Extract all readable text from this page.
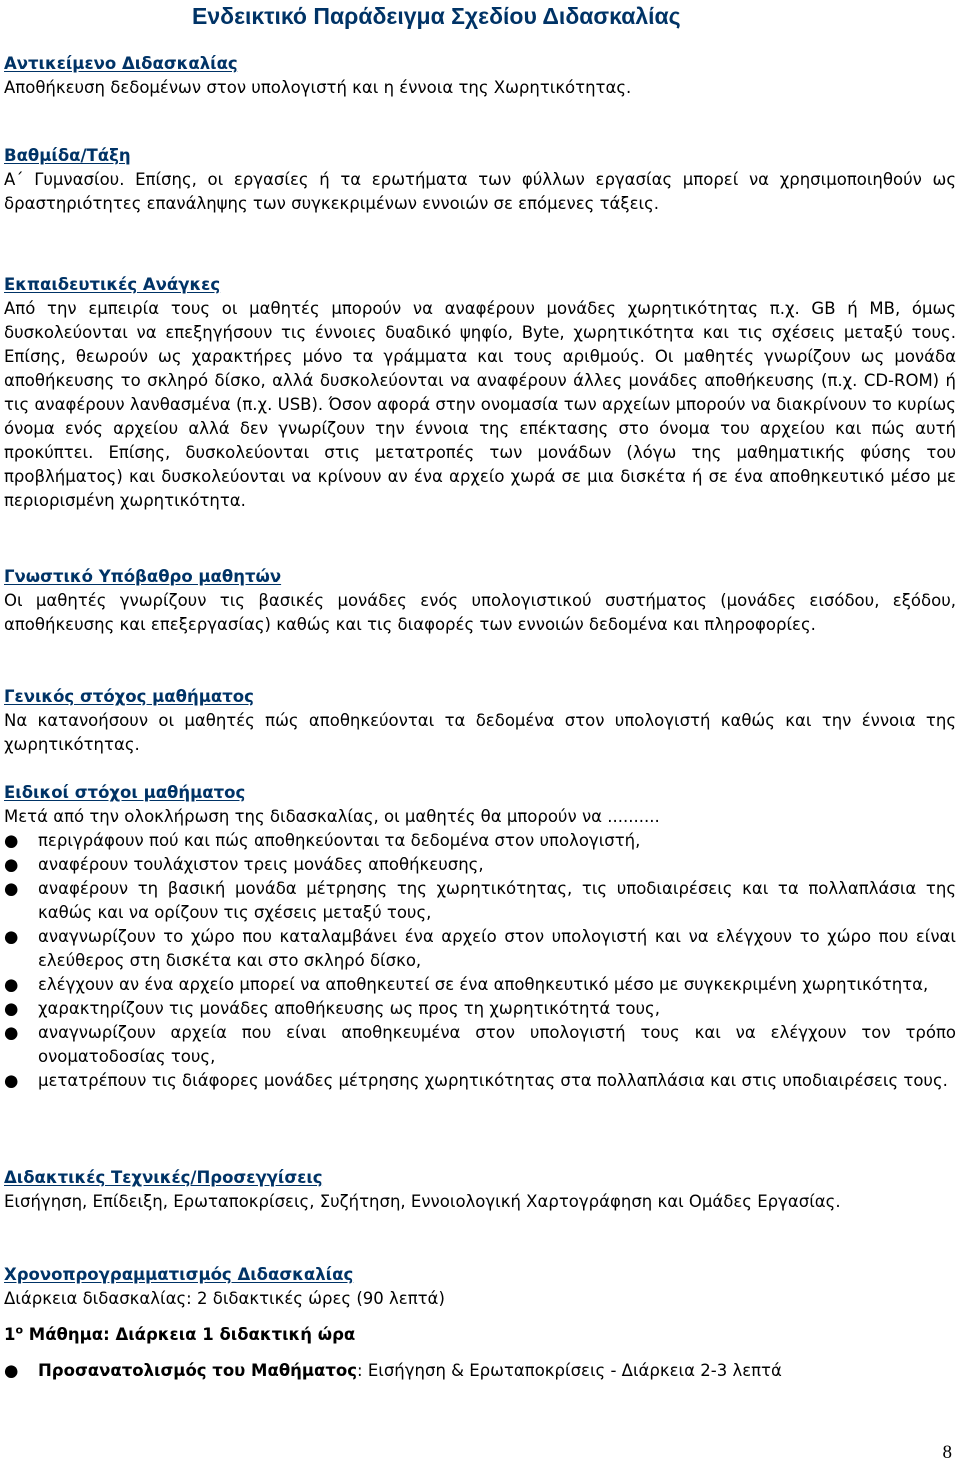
Ενδεικτικό Παράδειγμα Σχεδίου Διδασκαλίας
Αντικείμενο Διδασκαλίας

Αποθήκευση δεδομένων στον υπολογιστή και η έννοια της Χωρητικότητας.

Βαθμίδα/Τάξη

Α΄ Γυμνασίου. Επίσης, οι εργασίες ή τα ερωτήματα των φύλλων εργασίας μπορεί να χρησιμοποιηθούν ως δραστηριότητες επανάληψης των συγκεκριμένων εννοιών σε επόμενες τάξεις.

Εκπαιδευτικές Ανάγκες

Από την εμπειρία τους οι μαθητές μπορούν να αναφέρουν μονάδες χωρητικότητας π.χ. GB ή MB, όμως δυσκολεύονται να επεξηγήσουν τις έννοιες δυαδικό ψηφίο, Byte, χωρητικότητα και τις σχέσεις μεταξύ τους. Επίσης, θεωρούν ως χαρακτήρες μόνο τα γράμματα και τους αριθμούς. Οι μαθητές γνωρίζουν ως μονάδα αποθήκευσης το σκληρό δίσκο, αλλά δυσκολεύονται να αναφέρουν άλλες μονάδες αποθήκευσης (π.χ. CD-ROM) ή τις αναφέρουν λανθασμένα (π.χ. USB). Όσον αφορά στην ονομασία των αρχείων μπορούν να διακρίνουν το κυρίως όνομα ενός αρχείου αλλά δεν γνωρίζουν την έννοια της επέκτασης στο όνομα του αρχείου και πώς αυτή προκύπτει. Επίσης, δυσκολεύονται στις μετατροπές των μονάδων (λόγω της μαθηματικής φύσης του προβλήματος) και δυσκολεύονται να κρίνουν αν ένα αρχείο χωρά σε μια δισκέτα ή σε ένα αποθηκευτικό μέσο με περιορισμένη χωρητικότητα.

Γνωστικό Υπόβαθρο μαθητών

Οι μαθητές γνωρίζουν τις βασικές μονάδες ενός υπολογιστικού συστήματος (μονάδες εισόδου, εξόδου, αποθήκευσης και επεξεργασίας) καθώς και τις διαφορές των εννοιών δεδομένα και πληροφορίες.

Γενικός στόχος μαθήματος

Να κατανοήσουν οι μαθητές πώς αποθηκεύονται τα δεδομένα στον υπολογιστή καθώς και την έννοια της χωρητικότητας.

Ειδικοί στόχοι μαθήματος

Μετά από την ολοκλήρωση της διδασκαλίας, οι μαθητές θα μπορούν να ..........

● περιγράφουν πού και πώς αποθηκεύονται τα δεδομένα στον υπολογιστή,
● αναφέρουν τουλάχιστον τρεις μονάδες αποθήκευσης,
● αναφέρουν τη βασική μονάδα μέτρησης της χωρητικότητας, τις υποδιαιρέσεις και τα πολλαπλάσια της καθώς και να ορίζουν τις σχέσεις μεταξύ τους,
● αναγνωρίζουν το χώρο που καταλαμβάνει ένα αρχείο στον υπολογιστή και να ελέγχουν το χώρο που είναι ελεύθερος στη δισκέτα και στο σκληρό δίσκο,
● ελέγχουν αν ένα αρχείο μπορεί να αποθηκευτεί σε ένα αποθηκευτικό μέσο με συγκεκριμένη χωρητικότητα,
● χαρακτηρίζουν τις μονάδες αποθήκευσης ως προς τη χωρητικότητά τους,
● αναγνωρίζουν αρχεία που είναι αποθηκευμένα στον υπολογιστή τους και να ελέγχουν τον τρόπο ονοματοδοσίας τους,
● μετατρέπουν τις διάφορες μονάδες μέτρησης χωρητικότητας στα πολλαπλάσια και στις υποδιαιρέσεις τους.
Διδακτικές Τεχνικές/Προσεγγίσεις

Εισήγηση, Επίδειξη, Ερωταποκρίσεις, Συζήτηση, Εννοιολογική Χαρτογράφηση και Ομάδες Εργασίας.

Χρονοπρογραμματισμός Διδασκαλίας

Διάρκεια διδασκαλίας: 2 διδακτικές ώρες (90 λεπτά)

$1^o$ Μάθημα: Διάρκεια 1 διδακτική ώρα

● Προσανατολισμός του Μαθήματος: Εισήγηση & Ερωταποκρίσεις - Διάρκεια 2-3 λεπτά
8
